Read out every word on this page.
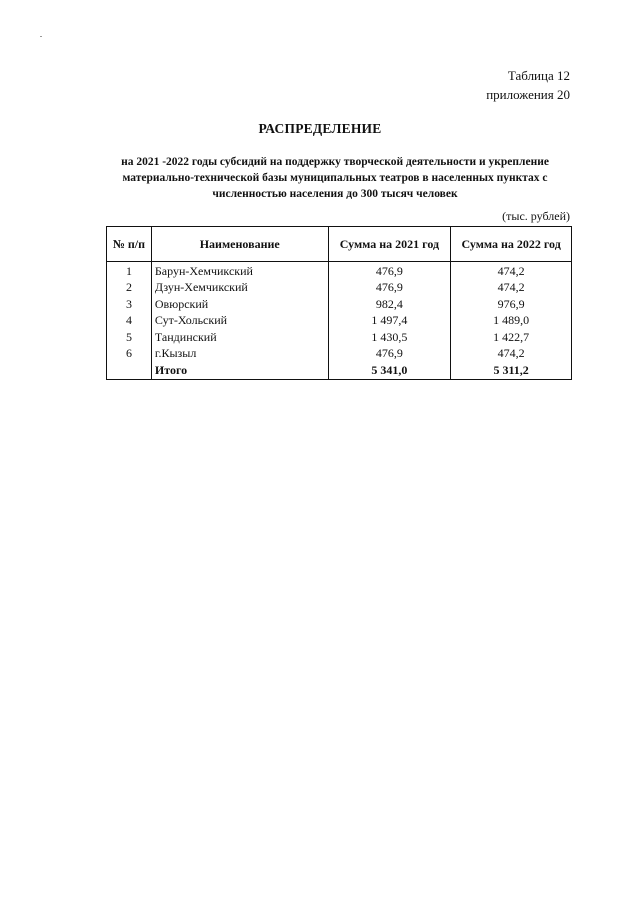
Таблица 12
приложения 20
РАСПРЕДЕЛЕНИЕ
на 2021 -2022 годы субсидий на поддержку творческой деятельности и укрепление
материально-технической базы муниципальных театров в населенных пунктах с
численностью населения до 300 тысяч человек
(тыс. рублей)
№ п/п	Наименование	Сумма на 2021 год	Сумма на 2022 год
1	Барун-Хемчикский	476,9	474,2
2	Дзун-Хемчикский	476,9	474,2
3	Овюрский	982,4	976,9
4	Сут-Хольский	1 497,4	1 489,0
5	Тандинский	1 430,5	1 422,7
6	г.Кызыл	476,9	474,2
	Итого	5 341,0	5 311,2
